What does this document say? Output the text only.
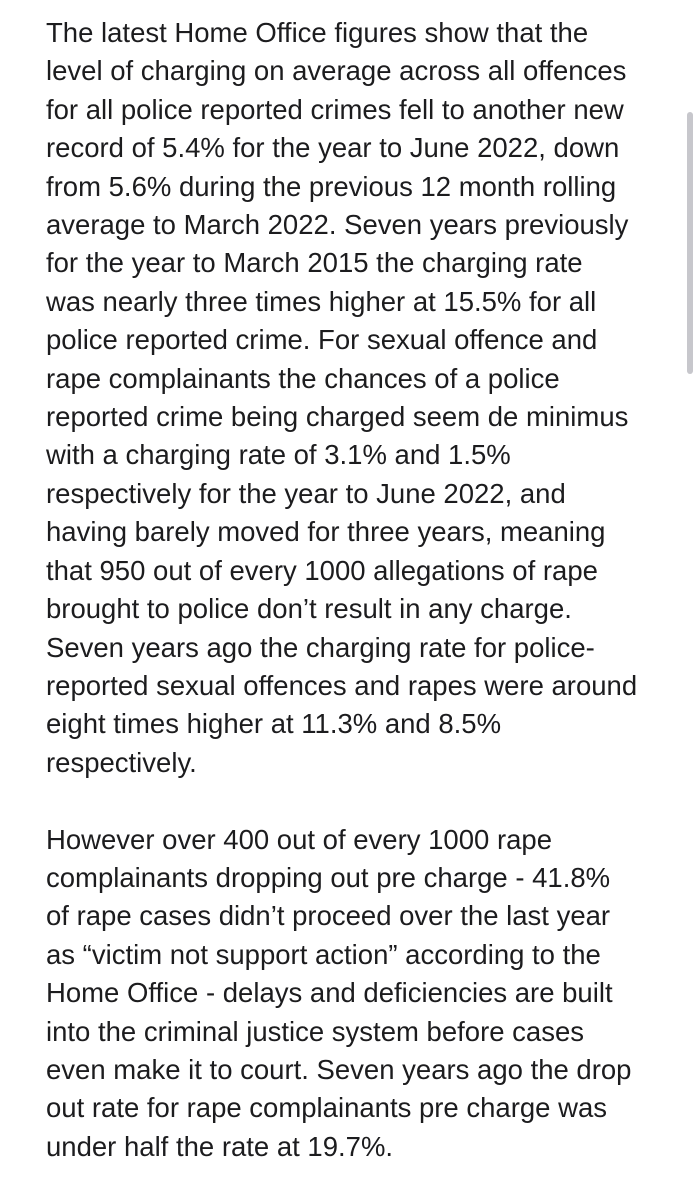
The latest Home Office figures show that the
level of charging on average across all offences
for all police reported crimes fell to another new
record of 5.4% for the year to June 2022, down
from 5.6% during the previous 12 month rolling
average to March 2022. Seven years previously
for the year to March 2015 the charging rate
was nearly three times higher at 15.5% for all
police reported crime. For sexual offence and
rape complainants the chances of a police
reported crime being charged seem de minimus
with a charging rate of 3.1% and 1.5%
respectively for the year to June 2022, and
having barely moved for three years, meaning
that 950 out of every 1000 allegations of rape
brought to police don’t result in any charge.
Seven years ago the charging rate for police-
reported sexual offences and rapes were around
eight times higher at 11.3% and 8.5%
respectively.
However over 400 out of every 1000 rape
complainants dropping out pre charge - 41.8%
of rape cases didn’t proceed over the last year
as “victim not support action” according to the
Home Office - delays and deficiencies are built
into the criminal justice system before cases
even make it to court. Seven years ago the drop
out rate for rape complainants pre charge was
under half the rate at 19.7%.
